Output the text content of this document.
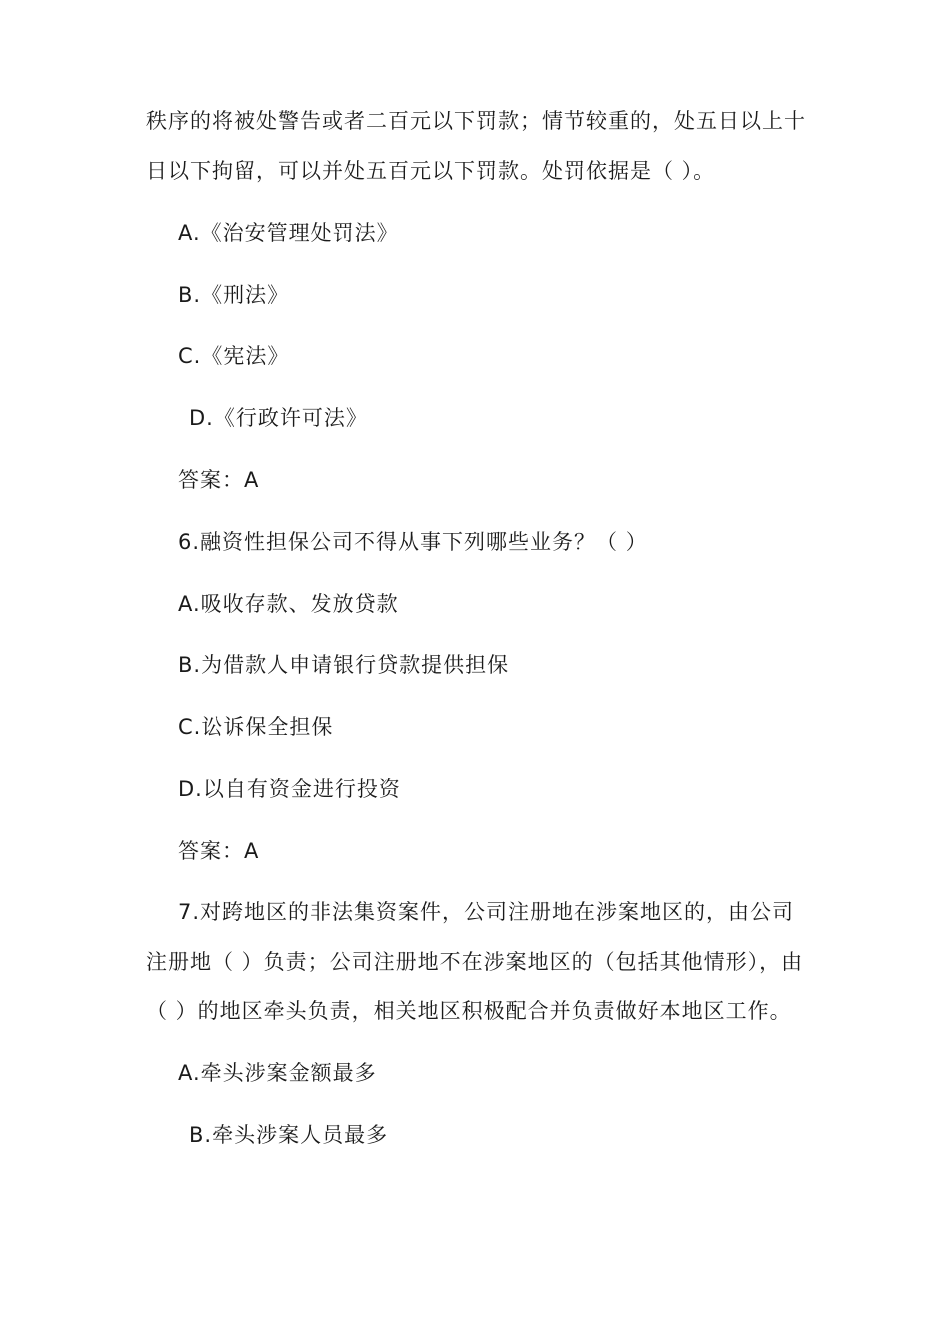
秩序的将被处警告或者二百元以下罚款；情节较重的，处五日以上十
日以下拘留，可以并处五百元以下罚款。处罚依据是（ ）。
A.《治安管理处罚法》
B.《刑法》
C.《宪法》
D.《行政许可法》
答案：A
6.融资性担保公司不得从事下列哪些业务？（ ）
A.吸收存款、发放贷款
B.为借款人申请银行贷款提供担保
C.讼诉保全担保
D.以自有资金进行投资
答案：A
7.对跨地区的非法集资案件，公司注册地在涉案地区的，由公司
注册地（ ）负责；公司注册地不在涉案地区的（包括其他情形），由
（ ）的地区牵头负责，相关地区积极配合并负责做好本地区工作。
A.牵头涉案金额最多
B.牵头涉案人员最多
